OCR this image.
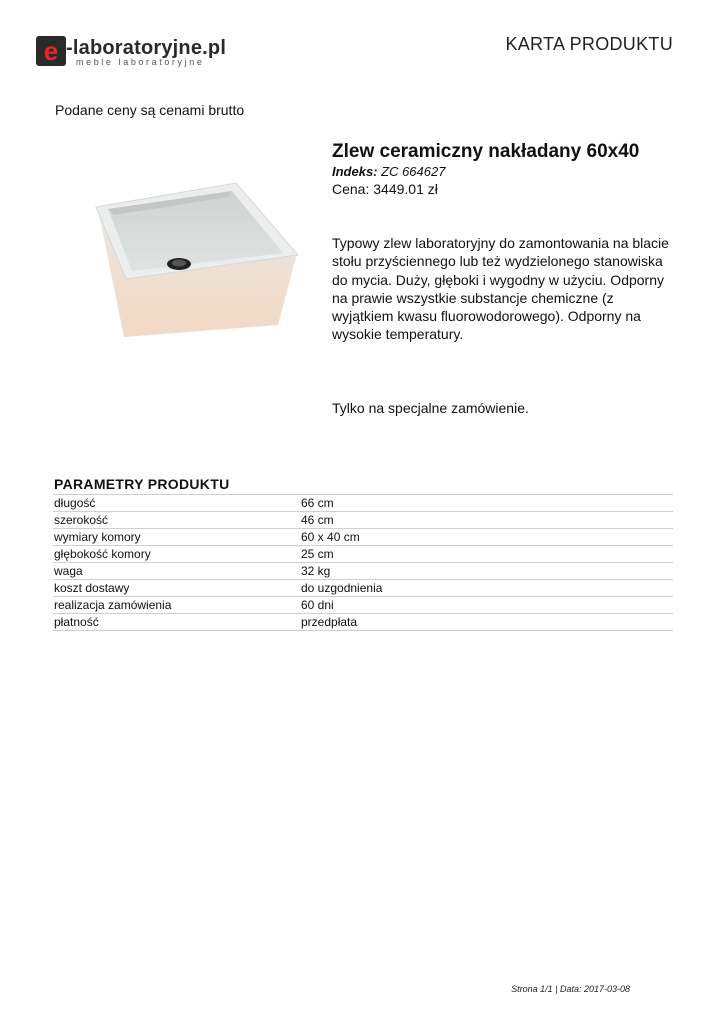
e -laboratoryjne.pl
meble laboratoryjne
KARTA PRODUKTU
Podane ceny są cenami brutto
Zlew ceramiczny nakładany 60x40
Indeks: ZC 664627
Cena: 3449.01 zł
Typowy zlew laboratoryjny do zamontowania na blacie stołu przyściennego lub też wydzielonego stanowiska do mycia. Duży, głęboki i wygodny w użyciu. Odporny na prawie wszystkie substancje chemiczne (z wyjątkiem kwasu fluorowodorowego). Odporny na wysokie temperatury.
Tylko na specjalne zamówienie.
PARAMETRY PRODUKTU
długość	66 cm
szerokość	46 cm
wymiary komory	60 x 40 cm
głębokość komory	25 cm
waga	32 kg
koszt dostawy	do uzgodnienia
realizacja zamówienia	60 dni
płatność	przedpłata
Strona 1/1 | Data: 2017-03-08
